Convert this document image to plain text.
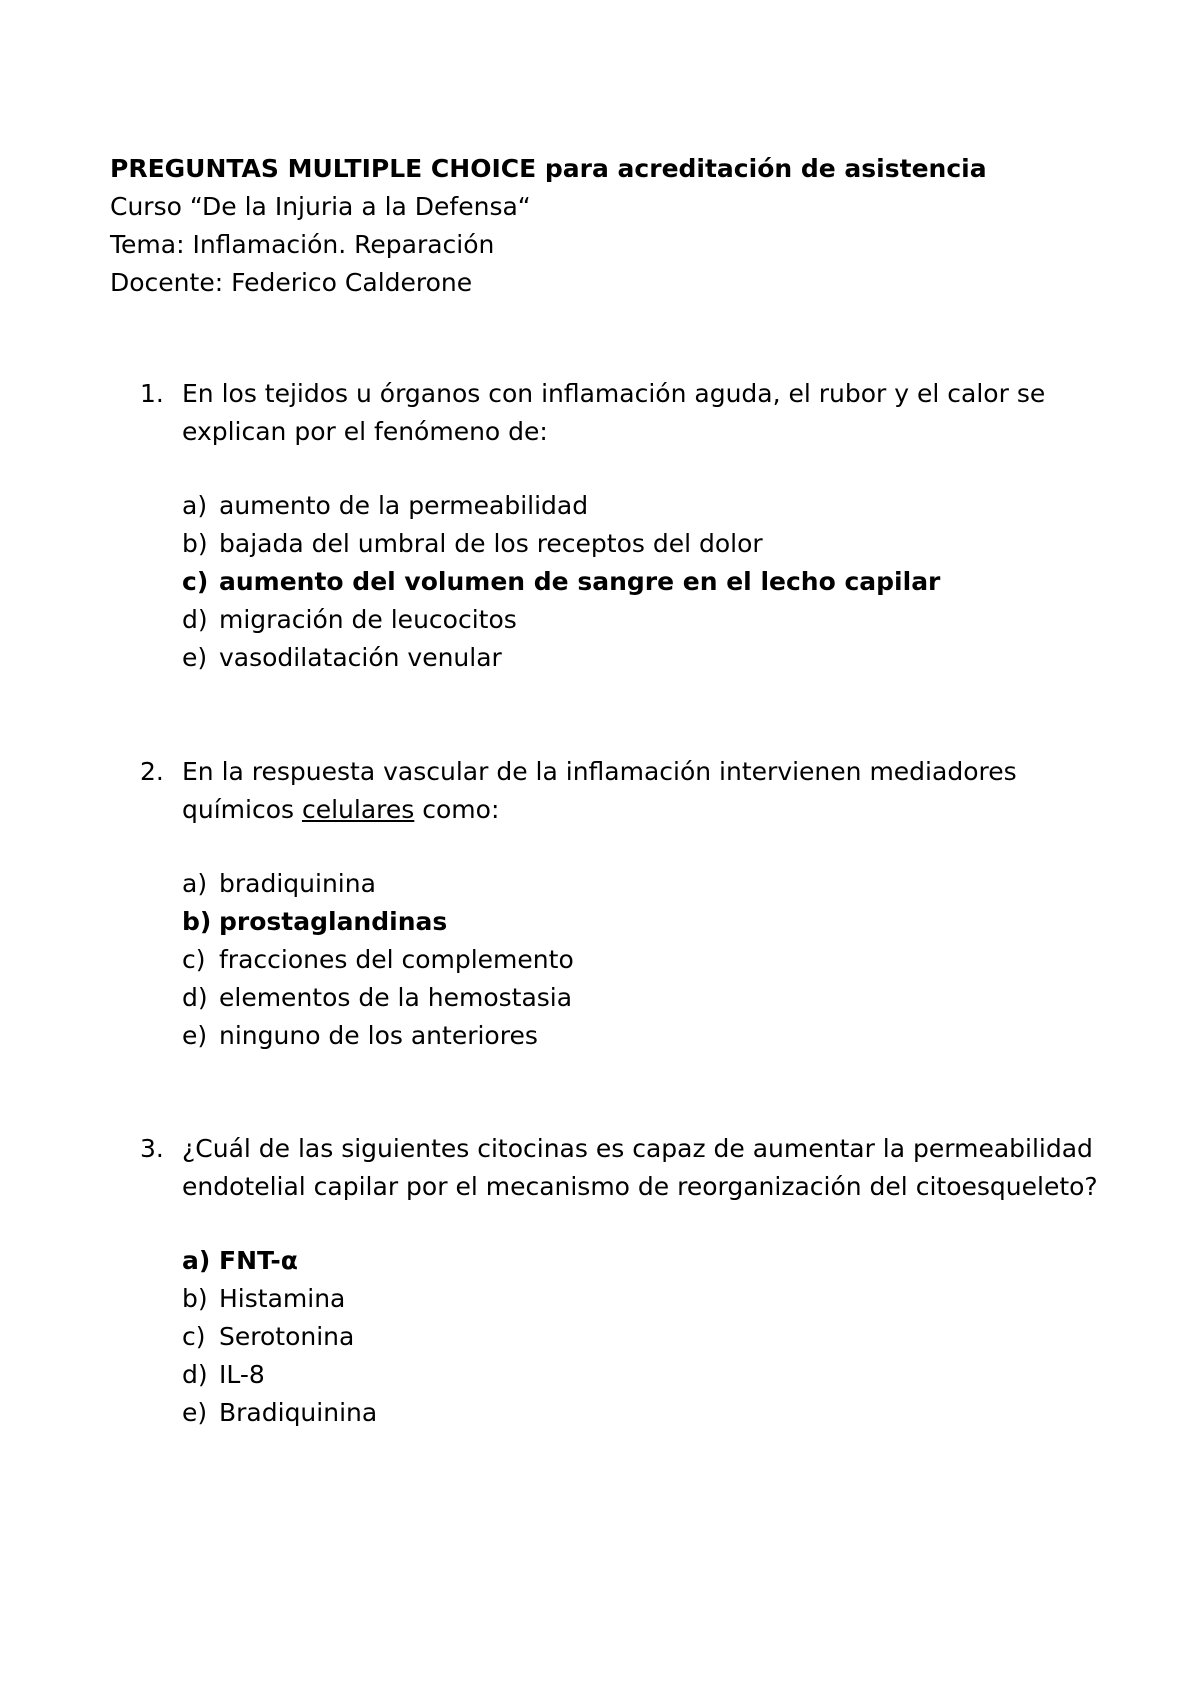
PREGUNTAS MULTIPLE CHOICE para acreditación de asistencia
Curso “De la Injuria a la Defensa“
Tema: Inflamación. Reparación
Docente: Federico Calderone
1. En los tejidos u órganos con inflamación aguda, el rubor y el calor se explican por el fenómeno de:
a) aumento de la permeabilidad
b) bajada del umbral de los receptos del dolor
c) aumento del volumen de sangre en el lecho capilar
d) migración de leucocitos
e) vasodilatación venular
2. En la respuesta vascular de la inflamación intervienen mediadores químicos celulares como:
a) bradiquinina
b) prostaglandinas
c) fracciones del complemento
d) elementos de la hemostasia
e) ninguno de los anteriores
3. ¿Cuál de las siguientes citocinas es capaz de aumentar la permeabilidad endotelial capilar por el mecanismo de reorganización del citoesqueleto?
a) FNT-α
b) Histamina
c) Serotonina
d) IL-8
e) Bradiquinina
